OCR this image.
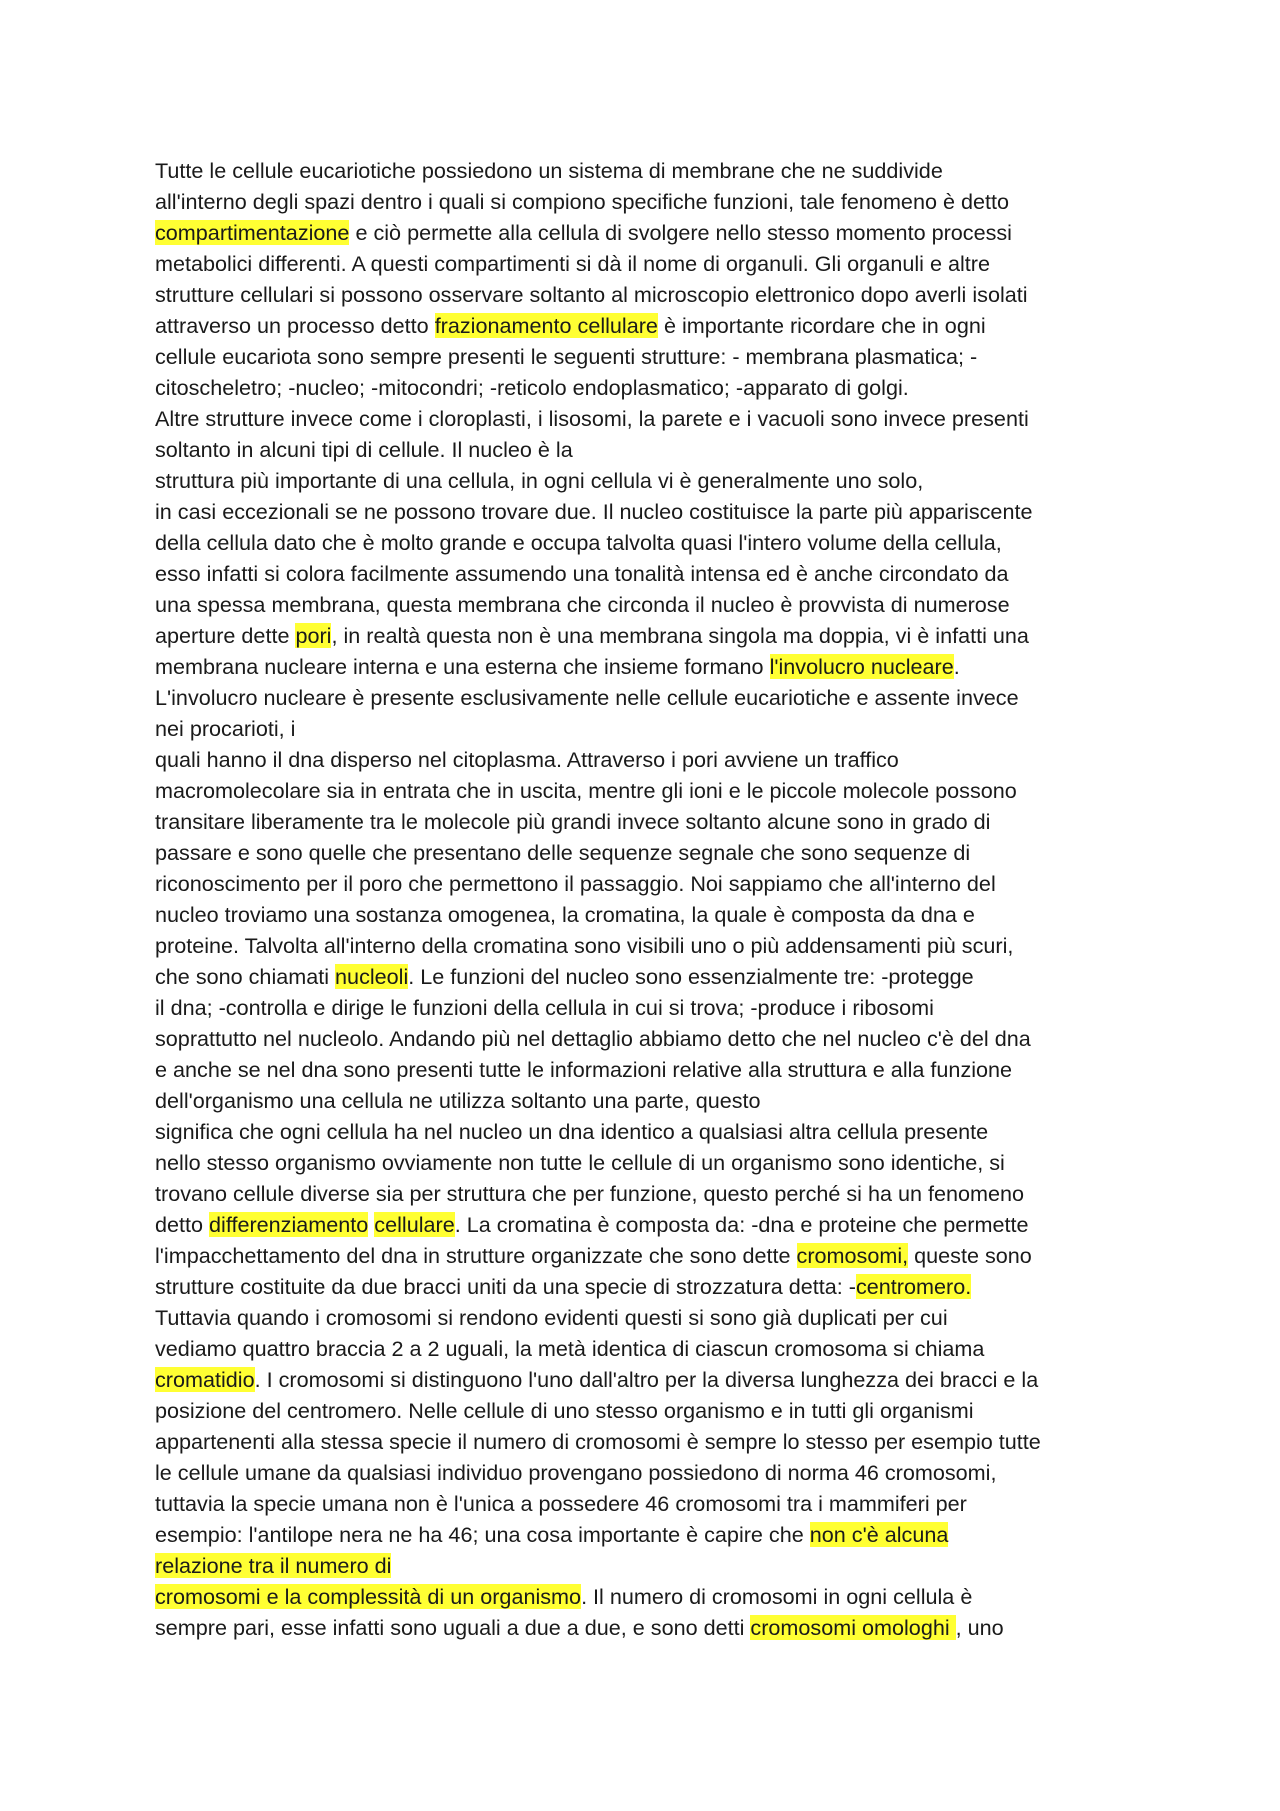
Tutte le cellule eucariotiche possiedono un sistema di membrane che ne suddivide
all'interno degli spazi dentro i quali si compiono specifiche funzioni, tale fenomeno è detto
compartimentazione e ciò permette alla cellula di svolgere nello stesso momento processi
metabolici differenti. A questi compartimenti si dà il nome di organuli. Gli organuli e altre
strutture cellulari si possono osservare soltanto al microscopio elettronico dopo averli isolati
attraverso un processo detto frazionamento cellulare è importante ricordare che in ogni
cellule eucariota sono sempre presenti le seguenti strutture: - membrana plasmatica; -
citoscheletro; -nucleo; -mitocondri; -reticolo endoplasmatico; -apparato di golgi.
Altre strutture invece come i cloroplasti, i lisosomi, la parete e i vacuoli sono invece presenti
soltanto in alcuni tipi di cellule. Il nucleo è la
struttura più importante di una cellula, in ogni cellula vi è generalmente uno solo,
in casi eccezionali se ne possono trovare due. Il nucleo costituisce la parte più appariscente
della cellula dato che è molto grande e occupa talvolta quasi l'intero volume della cellula,
esso infatti si colora facilmente assumendo una tonalità intensa ed è anche circondato da
una spessa membrana, questa membrana che circonda il nucleo è provvista di numerose
aperture dette pori, in realtà questa non è una membrana singola ma doppia, vi è infatti una
membrana nucleare interna e una esterna che insieme formano l'involucro nucleare.
L'involucro nucleare è presente esclusivamente nelle cellule eucariotiche e assente invece
nei procarioti, i
quali hanno il dna disperso nel citoplasma. Attraverso i pori avviene un traffico
macromolecolare sia in entrata che in uscita, mentre gli ioni e le piccole molecole possono
transitare liberamente tra le molecole più grandi invece soltanto alcune sono in grado di
passare e sono quelle che presentano delle sequenze segnale che sono sequenze di
riconoscimento per il poro che permettono il passaggio. Noi sappiamo che all'interno del
nucleo troviamo una sostanza omogenea, la cromatina, la quale è composta da dna e
proteine. Talvolta all'interno della cromatina sono visibili uno o più addensamenti più scuri,
che sono chiamati nucleoli. Le funzioni del nucleo sono essenzialmente tre: -protegge
il dna; -controlla e dirige le funzioni della cellula in cui si trova; -produce i ribosomi
soprattutto nel nucleolo. Andando più nel dettaglio abbiamo detto che nel nucleo c'è del dna
e anche se nel dna sono presenti tutte le informazioni relative alla struttura e alla funzione
dell'organismo una cellula ne utilizza soltanto una parte, questo
significa che ogni cellula ha nel nucleo un dna identico a qualsiasi altra cellula presente
nello stesso organismo ovviamente non tutte le cellule di un organismo sono identiche, si
trovano cellule diverse sia per struttura che per funzione, questo perché si ha un fenomeno
detto differenziamento cellulare. La cromatina è composta da: -dna e proteine che permette
l'impacchettamento del dna in strutture organizzate che sono dette cromosomi, queste sono
strutture costituite da due bracci uniti da una specie di strozzatura detta: -centromero.
Tuttavia quando i cromosomi si rendono evidenti questi si sono già duplicati per cui
vediamo quattro braccia 2 a 2 uguali, la metà identica di ciascun cromosoma si chiama
cromatidio. I cromosomi si distinguono l'uno dall'altro per la diversa lunghezza dei bracci e la
posizione del centromero. Nelle cellule di uno stesso organismo e in tutti gli organismi
appartenenti alla stessa specie il numero di cromosomi è sempre lo stesso per esempio tutte
le cellule umane da qualsiasi individuo provengano possiedono di norma 46 cromosomi,
tuttavia la specie umana non è l'unica a possedere 46 cromosomi tra i mammiferi per
esempio: l'antilope nera ne ha 46; una cosa importante è capire che non c'è alcuna
relazione tra il numero di
cromosomi e la complessità di un organismo. Il numero di cromosomi in ogni cellula è
sempre pari, esse infatti sono uguali a due a due, e sono detti cromosomi omologhi , uno
